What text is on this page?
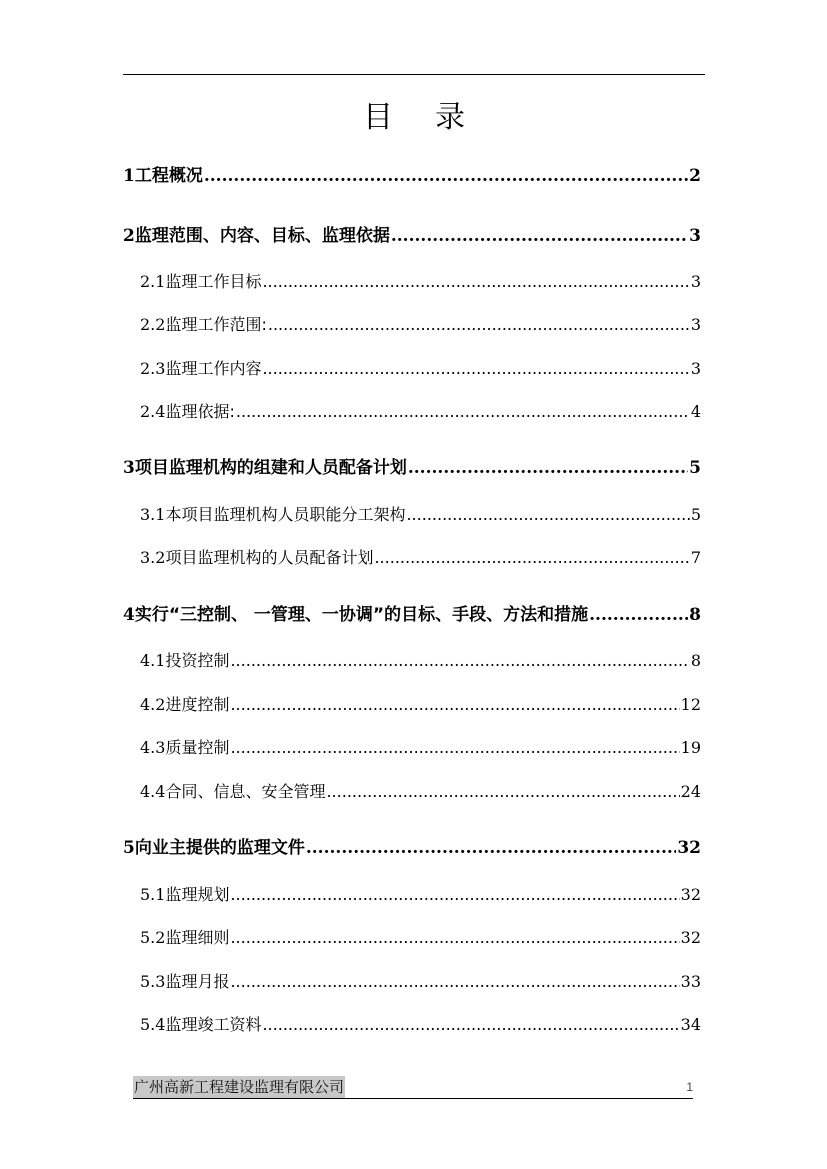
目录
1 工程概况 .....	2
2 监理范围、内容、目标、监理依据 .....	3
2.1 监理工作目标 .....	3
2.2 监理工作范围: .....	3
2.3 监理工作内容 .....	3
2.4 监理依据: .....	4
3 项目监理机构的组建和人员配备计划 .....	5
3.1 本项目监理机构人员职能分工架构 .....	5
3.2 项目监理机构的人员配备计划 .....	7
4 实行“三控制、 一管理、一协调”的目标、手段、方法和措施 .....	8
4.1 投资控制 .....	8
4.2 进度控制 .....	12
4.3 质量控制 .....	19
4.4 合同、信息、安全管理 .....	24
5 向业主提供的监理文件 .....	32
5.1 监理规划 .....	32
5.2 监理细则 .....	32
5.3 监理月报 .....	33
5.4 监理竣工资料 .....	34
广州高新工程建设监理有限公司	1
